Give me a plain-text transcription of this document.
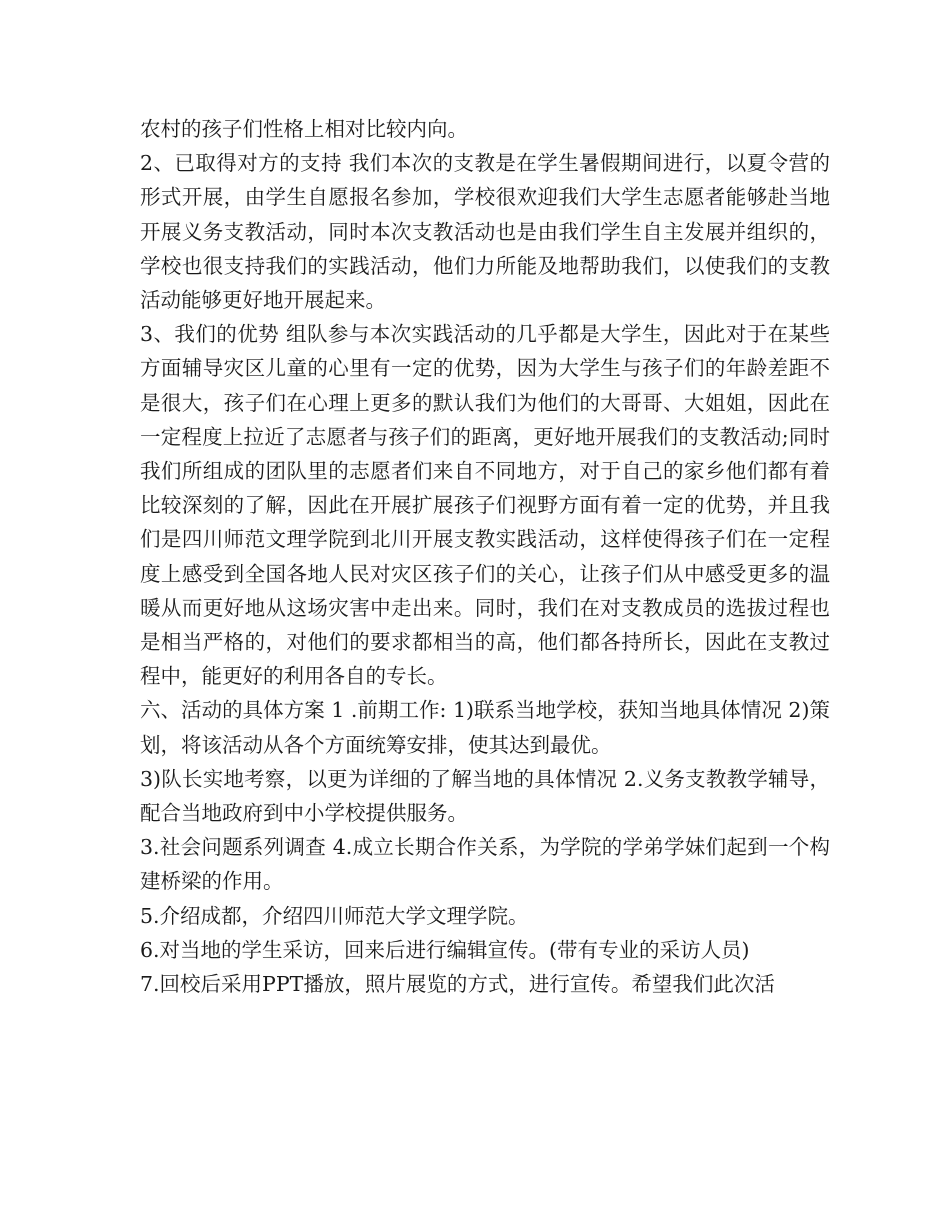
农村的孩子们性格上相对比较内向。

2、已取得对方的支持 我们本次的支教是在学生暑假期间进行，以夏令营的形式开展，由学生自愿报名参加，学校很欢迎我们大学生志愿者能够赴当地开展义务支教活动，同时本次支教活动也是由我们学生自主发展并组织的，学校也很支持我们的实践活动，他们力所能及地帮助我们，以使我们的支教活动能够更好地开展起来。

3、我们的优势 组队参与本次实践活动的几乎都是大学生，因此对于在某些方面辅导灾区儿童的心里有一定的优势，因为大学生与孩子们的年龄差距不是很大，孩子们在心理上更多的默认我们为他们的大哥哥、大姐姐，因此在一定程度上拉近了志愿者与孩子们的距离，更好地开展我们的支教活动;同时我们所组成的团队里的志愿者们来自不同地方，对于自己的家乡他们都有着比较深刻的了解，因此在开展扩展孩子们视野方面有着一定的优势，并且我们是四川师范文理学院到北川开展支教实践活动，这样使得孩子们在一定程度上感受到全国各地人民对灾区孩子们的关心，让孩子们从中感受更多的温暖从而更好地从这场灾害中走出来。同时，我们在对支教成员的选拔过程也是相当严格的，对他们的要求都相当的高，他们都各持所长，因此在支教过程中，能更好的利用各自的专长。

六、活动的具体方案 1 .前期工作: 1)联系当地学校，获知当地具体情况 2)策划，将该活动从各个方面统筹安排，使其达到最优。

3)队长实地考察，以更为详细的了解当地的具体情况 2.义务支教教学辅导，配合当地政府到中小学校提供服务。

3.社会问题系列调查 4.成立长期合作关系，为学院的学弟学妹们起到一个构建桥梁的作用。

5.介绍成都，介绍四川师范大学文理学院。

6.对当地的学生采访，回来后进行编辑宣传。(带有专业的采访人员)

7.回校后采用PPT播放，照片展览的方式，进行宣传。希望我们此次活
